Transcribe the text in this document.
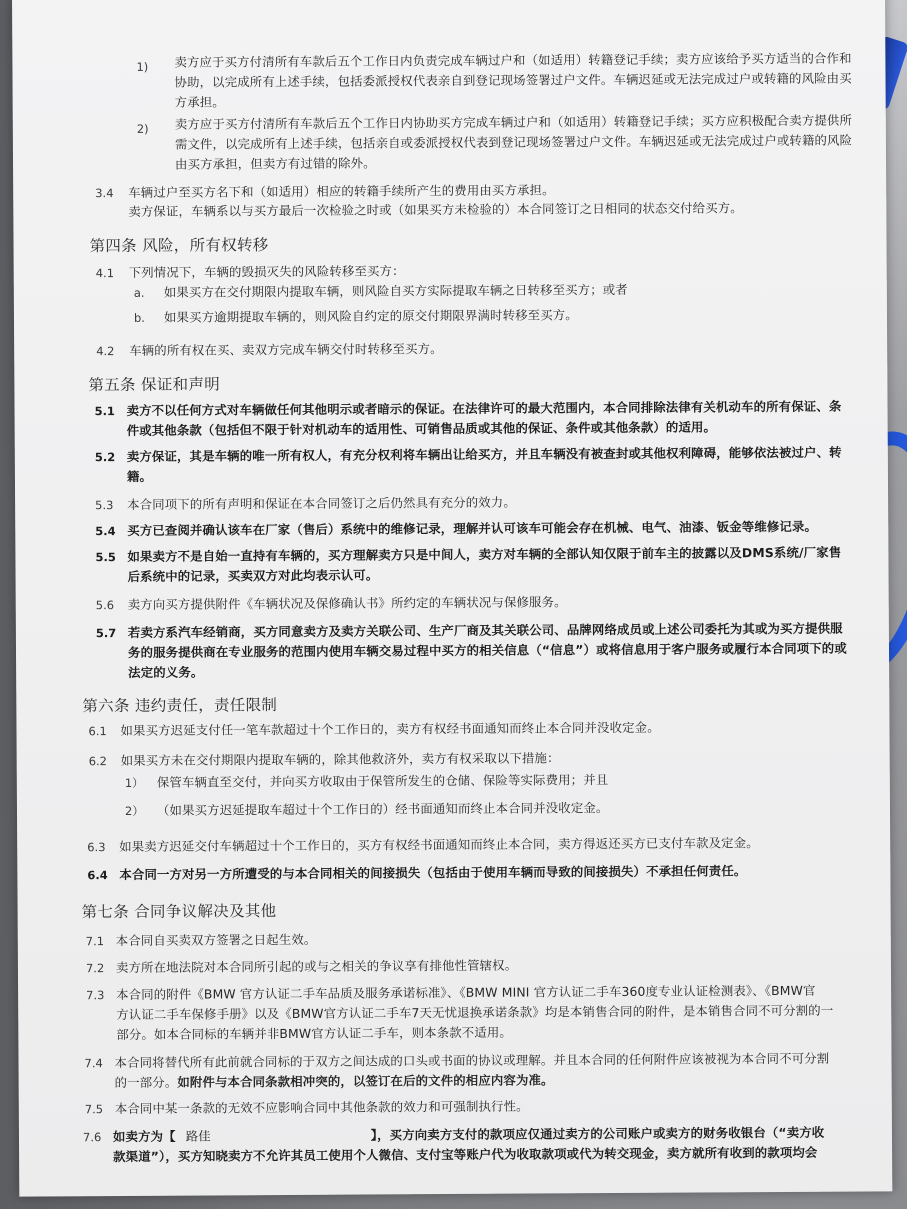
1) 卖方应于买方付清所有车款后五个工作日内负责完成车辆过户和（如适用）转籍登记手续；卖方应该给予买方适当的合作和
协助，以完成所有上述手续，包括委派授权代表亲自到登记现场签署过户文件。车辆迟延或无法完成过户或转籍的风险由买
方承担。
2) 卖方应于买方付清所有车款后五个工作日内协助买方完成车辆过户和（如适用）转籍登记手续；买方应积极配合卖方提供所
需文件，以完成所有上述手续，包括亲自或委派授权代表到登记现场签署过户文件。车辆迟延或无法完成过户或转籍的风险
由买方承担，但卖方有过错的除外。
3.4 车辆过户至买方名下和（如适用）相应的转籍手续所产生的费用由买方承担。
卖方保证，车辆系以与买方最后一次检验之时或（如果买方未检验的）本合同签订之日相同的状态交付给买方。
第四条 风险，所有权转移
4.1 下列情况下，车辆的毁损灭失的风险转移至买方：
a. 如果买方在交付期限内提取车辆，则风险自买方实际提取车辆之日转移至买方；或者
b. 如果买方逾期提取车辆的，则风险自约定的原交付期限界满时转移至买方。
4.2 车辆的所有权在买、卖双方完成车辆交付时转移至买方。
第五条 保证和声明
5.1 卖方不以任何方式对车辆做任何其他明示或者暗示的保证。在法律许可的最大范围内，本合同排除法律有关机动车的所有保证、条
件或其他条款（包括但不限于针对机动车的适用性、可销售品质或其他的保证、条件或其他条款）的适用。
5.2 卖方保证，其是车辆的唯一所有权人，有充分权利将车辆出让给买方，并且车辆没有被查封或其他权利障碍，能够依法被过户、转
籍。
5.3 本合同项下的所有声明和保证在本合同签订之后仍然具有充分的效力。
5.4 买方已查阅并确认该车在厂家（售后）系统中的维修记录，理解并认可该车可能会存在机械、电气、油漆、钣金等维修记录。
5.5 如果卖方不是自始一直持有车辆的，买方理解卖方只是中间人，卖方对车辆的全部认知仅限于前车主的披露以及DMS系统/厂家售
后系统中的记录，买卖双方对此均表示认可。
5.6 卖方向买方提供附件《车辆状况及保修确认书》所约定的车辆状况与保修服务。
5.7 若卖方系汽车经销商，买方同意卖方及卖方关联公司、生产厂商及其关联公司、品牌网络成员或上述公司委托为其或为买方提供服
务的服务提供商在专业服务的范围内使用车辆交易过程中买方的相关信息（“信息”）或将信息用于客户服务或履行本合同项下的或
法定的义务。
第六条 违约责任，责任限制
6.1 如果买方迟延支付任一笔车款超过十个工作日的，卖方有权经书面通知而终止本合同并没收定金。
6.2 如果买方未在交付期限内提取车辆的，除其他救济外，卖方有权采取以下措施：
1） 保管车辆直至交付，并向买方收取由于保管所发生的仓储、保险等实际费用；并且
2） （如果买方迟延提取车超过十个工作日的）经书面通知而终止本合同并没收定金。
6.3 如果卖方迟延交付车辆超过十个工作日的，买方有权经书面通知而终止本合同，卖方得返还买方已支付车款及定金。
6.4 本合同一方对另一方所遭受的与本合同相关的间接损失（包括由于使用车辆而导致的间接损失）不承担任何责任。
第七条 合同争议解决及其他
7.1 本合同自买卖双方签署之日起生效。
7.2 卖方所在地法院对本合同所引起的或与之相关的争议享有排他性管辖权。
7.3 本合同的附件《BMW 官方认证二手车品质及服务承诺标准》、《BMW MINI 官方认证二手车360度专业认证检测表》、《BMW官
方认证二手车保修手册》以及《BMW官方认证二手车7天无忧退换承诺条款》均是本销售合同的附件，是本销售合同不可分割的一
部分。如本合同标的车辆并非BMW官方认证二手车，则本条款不适用。
7.4 本合同将替代所有此前就合同标的于双方之间达成的口头或书面的协议或理解。并且本合同的任何附件应该被视为本合同不可分割
的一部分。如附件与本合同条款相冲突的，以签订在后的文件的相应内容为准。
7.5 本合同中某一条款的无效不应影响合同中其他条款的效力和可强制执行性。
7.6 如卖方为【 路佳	】，买方向卖方支付的款项应仅通过卖方的公司账户或卖方的财务收银台（“卖方收
款渠道”），买方知晓卖方不允许其员工使用个人微信、支付宝等账户代为收取款项或代为转交现金，卖方就所有收到的款项均会
